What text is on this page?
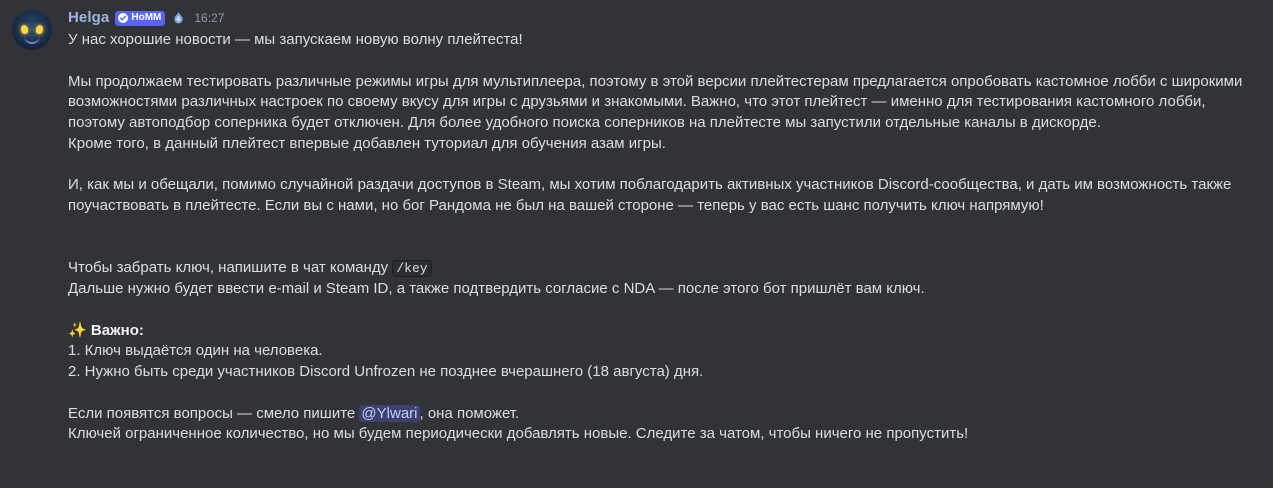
Helga HoMM	16:27
У нас хорошие новости — мы запускаем новую волну плейтеста!
Мы продолжаем тестировать различные режимы игры для мультиплеера, поэтому в этой версии плейтестерам предлагается опробовать кастомное лобби с широкими возможностями различных настроек по своему вкусу для игры с друзьями и знакомыми. Важно, что этот плейтест — именно для тестирования кастомного лобби, поэтому автоподбор соперника будет отключен. Для более удобного поиска соперников на плейтесте мы запустили отдельные каналы в дискорде.
Кроме того, в данный плейтест впервые добавлен туториал для обучения азам игры.
И, как мы и обещали, помимо случайной раздачи доступов в Steam, мы хотим поблагодарить активных участников Discord-сообщества, и дать им возможность также поучаствовать в плейтесте. Если вы с нами, но бог Рандома не был на вашей стороне — теперь у вас есть шанс получить ключ напрямую!
Чтобы забрать ключ, напишите в чат команду /key
Дальше нужно будет ввести e-mail и Steam ID, а также подтвердить согласие с NDA — после этого бот пришлёт вам ключ.
✨ Важно:
1. Ключ выдаётся один на человека.
2. Нужно быть среди участников Discord Unfrozen не позднее вчерашнего (18 августа) дня.
Если появятся вопросы — смело пишите @Ylwari , она поможет.
Ключей ограниченное количество, но мы будем периодически добавлять новые. Следите за чатом, чтобы ничего не пропустить!
